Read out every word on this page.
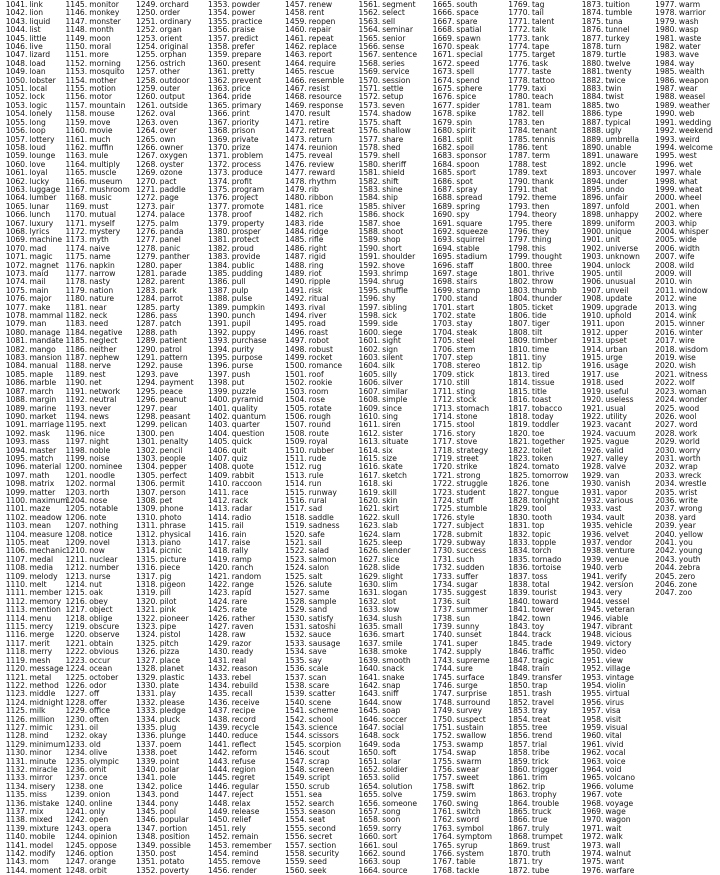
1041. link
1042. lion
1043. liquid
1044. list
1045. little
1046. live
1047. lizard
1048. load
1049. loan
1050. lobster
1051. local
1052. lock
1053. logic
1054. lonely
1055. long
1056. loop
1057. lottery
1058. loud
1059. lounge
1060. love
1061. loyal
1062. lucky
1063. luggage
1064. lumber
1065. lunar
1066. lunch
1067. luxury
1068. lyrics
1069. machine
1070. mad
1071. magic
1072. magnet
1073. maid
1074. mail
1075. main
1076. major
1077. make
1078. mammal
1079. man
1080. manage
1081. mandate
1082. mango
1083. mansion
1084. manual
1085. maple
1086. marble
1087. march
1088. margin
1089. marine
1090. market
1091. marriage
1092. mask
1093. mass
1094. master
1095. match
1096. material
1097. math
1098. matrix
1099. matter
1100. maximum
1101. maze
1102. meadow
1103. mean
1104. measure
1105. meat
1106. mechanic
1107. medal
1108. media
1109. melody
1110. melt
1111. member
1112. memory
1113. mention
1114. menu
1115. mercy
1116. merge
1117. merit
1118. merry
1119. mesh
1120. message
1121. metal
1122. method
1123. middle
1124. midnight
1125. milk
1126. million
1127. mimic
1128. mind
1129. minimum
1130. minor
1131. minute
1132. miracle
1133. mirror
1134. misery
1135. miss
1136. mistake
1137. mix
1138. mixed
1139. mixture
1140. mobile
1141. model
1142. modify
1143. mom
1144. moment
1145. monitor
1146. monkey
1147. monster
1148. month
1149. moon
1150. moral
1151. more
1152. morning
1153. mosquito
1154. mother
1155. motion
1156. motor
1157. mountain
1158. mouse
1159. move
1160. movie
1161. much
1162. muffin
1163. mule
1164. multiply
1165. muscle
1166. museum
1167. mushroom
1168. music
1169. must
1170. mutual
1171. myself
1172. mystery
1173. myth
1174. naive
1175. name
1176. napkin
1177. narrow
1178. nasty
1179. nation
1180. nature
1181. near
1182. neck
1183. need
1184. negative
1185. neglect
1186. neither
1187. nephew
1188. nerve
1189. nest
1190. net
1191. network
1192. neutral
1193. never
1194. news
1195. next
1196. nice
1197. night
1198. noble
1199. noise
1200. nominee
1201. noodle
1202. normal
1203. north
1204. nose
1205. notable
1206. note
1207. nothing
1208. notice
1209. novel
1210. now
1211. nuclear
1212. number
1213. nurse
1214. nut
1215. oak
1216. obey
1217. object
1218. oblige
1219. obscure
1220. observe
1221. obtain
1222. obvious
1223. occur
1224. ocean
1225. october
1226. odor
1227. off
1228. offer
1229. office
1230. often
1231. oil
1232. okay
1233. old
1234. olive
1235. olympic
1236. omit
1237. once
1238. one
1239. onion
1240. online
1241. only
1242. open
1243. opera
1244. opinion
1245. oppose
1246. option
1247. orange
1248. orbit
1249. orchard
1250. order
1251. ordinary
1252. organ
1253. orient
1254. original
1255. orphan
1256. ostrich
1257. other
1258. outdoor
1259. outer
1260. output
1261. outside
1262. oval
1263. oven
1264. over
1265. own
1266. owner
1267. oxygen
1268. oyster
1269. ozone
1270. pact
1271. paddle
1272. page
1273. pair
1274. palace
1275. palm
1276. panda
1277. panel
1278. panic
1279. panther
1280. paper
1281. parade
1282. parent
1283. park
1284. parrot
1285. party
1286. pass
1287. patch
1288. path
1289. patient
1290. patrol
1291. pattern
1292. pause
1293. pave
1294. payment
1295. peace
1296. peanut
1297. pear
1298. peasant
1299. pelican
1300. pen
1301. penalty
1302. pencil
1303. people
1304. pepper
1305. perfect
1306. permit
1307. person
1308. pet
1309. phone
1310. photo
1311. phrase
1312. physical
1313. piano
1314. picnic
1315. picture
1316. piece
1317. pig
1318. pigeon
1319. pill
1320. pilot
1321. pink
1322. pioneer
1323. pipe
1324. pistol
1325. pitch
1326. pizza
1327. place
1328. planet
1329. plastic
1330. plate
1331. play
1332. please
1333. pledge
1334. pluck
1335. plug
1336. plunge
1337. poem
1338. poet
1339. point
1340. polar
1341. pole
1342. police
1343. pond
1344. pony
1345. pool
1346. popular
1347. portion
1348. position
1349. possible
1350. post
1351. potato
1352. poverty
1353. powder
1354. power
1355. practice
1356. praise
1357. predict
1358. prefer
1359. prepare
1360. present
1361. pretty
1362. prevent
1363. price
1364. pride
1365. primary
1366. print
1367. priority
1368. prison
1369. private
1370. prize
1371. problem
1372. process
1373. produce
1374. profit
1375. program
1376. project
1377. promote
1378. proof
1379. property
1380. prosper
1381. protect
1382. proud
1383. provide
1384. public
1385. pudding
1386. pull
1387. pulp
1388. pulse
1389. pumpkin
1390. punch
1391. pupil
1392. puppy
1393. purchase
1394. purity
1395. purpose
1396. purse
1397. push
1398. put
1399. puzzle
1400. pyramid
1401. quality
1402. quantum
1403. quarter
1404. question
1405. quick
1406. quit
1407. quiz
1408. quote
1409. rabbit
1410. raccoon
1411. race
1412. rack
1413. radar
1414. radio
1415. rail
1416. rain
1417. raise
1418. rally
1419. ramp
1420. ranch
1421. random
1422. range
1423. rapid
1424. rare
1425. rate
1426. rather
1427. raven
1428. raw
1429. razor
1430. ready
1431. real
1432. reason
1433. rebel
1434. rebuild
1435. recall
1436. receive
1437. recipe
1438. record
1439. recycle
1440. reduce
1441. reflect
1442. reform
1443. refuse
1444. region
1445. regret
1446. regular
1447. reject
1448. relax
1449. release
1450. relief
1451. rely
1452. remain
1453. remember
1454. remind
1455. remove
1456. render
1457. renew
1458. rent
1459. reopen
1460. repair
1461. repeat
1462. replace
1463. report
1464. require
1465. rescue
1466. resemble
1467. resist
1468. resource
1469. response
1470. result
1471. retire
1472. retreat
1473. return
1474. reunion
1475. reveal
1476. review
1477. reward
1478. rhythm
1479. rib
1480. ribbon
1481. rice
1482. rich
1483. ride
1484. ridge
1485. rifle
1486. right
1487. rigid
1488. ring
1489. riot
1490. ripple
1491. risk
1492. ritual
1493. rival
1494. river
1495. road
1496. roast
1497. robot
1498. robust
1499. rocket
1500. romance
1501. roof
1502. rookie
1503. room
1504. rose
1505. rotate
1506. rough
1507. round
1508. route
1509. royal
1510. rubber
1511. rude
1512. rug
1513. rule
1514. run
1515. runway
1516. rural
1517. sad
1518. saddle
1519. sadness
1520. safe
1521. sail
1522. salad
1523. salmon
1524. salon
1525. salt
1526. salute
1527. same
1528. sample
1529. sand
1530. satisfy
1531. satoshi
1532. sauce
1533. sausage
1534. save
1535. say
1536. scale
1537. scan
1538. scare
1539. scatter
1540. scene
1541. scheme
1542. school
1543. science
1544. scissors
1545. scorpion
1546. scout
1547. scrap
1548. screen
1549. script
1550. scrub
1551. sea
1552. search
1553. season
1554. seat
1555. second
1556. secret
1557. section
1558. security
1559. seed
1560. seek
1561. segment
1562. select
1563. sell
1564. seminar
1565. senior
1566. sense
1567. sentence
1568. series
1569. service
1570. session
1571. settle
1572. setup
1573. seven
1574. shadow
1575. shaft
1576. shallow
1577. share
1578. shed
1579. shell
1580. sheriff
1581. shield
1582. shift
1583. shine
1584. ship
1585. shiver
1586. shock
1587. shoe
1588. shoot
1589. shop
1590. short
1591. shoulder
1592. shove
1593. shrimp
1594. shrug
1595. shuffle
1596. shy
1597. sibling
1598. sick
1599. side
1600. siege
1601. sight
1602. sign
1603. silent
1604. silk
1605. silly
1606. silver
1607. similar
1608. simple
1609. since
1610. sing
1611. siren
1612. sister
1613. situate
1614. six
1615. size
1616. skate
1617. sketch
1618. ski
1619. skill
1620. skin
1621. skirt
1622. skull
1623. slab
1624. slam
1625. sleep
1626. slender
1627. slice
1628. slide
1629. slight
1630. slim
1631. slogan
1632. slot
1633. slow
1634. slush
1635. small
1636. smart
1637. smile
1638. smoke
1639. smooth
1640. snack
1641. snake
1642. snap
1643. sniff
1644. snow
1645. soap
1646. soccer
1647. social
1648. sock
1649. soda
1650. soft
1651. solar
1652. soldier
1653. solid
1654. solution
1655. solve
1656. someone
1657. song
1658. soon
1659. sorry
1660. sort
1661. soul
1662. sound
1663. soup
1664. source
1665. south
1666. space
1667. spare
1668. spatial
1669. spawn
1670. speak
1671. special
1672. speed
1673. spell
1674. spend
1675. sphere
1676. spice
1677. spider
1678. spike
1679. spin
1680. spirit
1681. split
1682. spoil
1683. sponsor
1684. spoon
1685. sport
1686. spot
1687. spray
1688. spread
1689. spring
1690. spy
1691. square
1692. squeeze
1693. squirrel
1694. stable
1695. stadium
1696. staff
1697. stage
1698. stairs
1699. stamp
1700. stand
1701. start
1702. state
1703. stay
1704. steak
1705. steel
1706. stem
1707. step
1708. stereo
1709. stick
1710. still
1711. sting
1712. stock
1713. stomach
1714. stone
1715. stool
1716. story
1717. stove
1718. strategy
1719. street
1720. strike
1721. strong
1722. struggle
1723. student
1724. stuff
1725. stumble
1726. style
1727. subject
1728. submit
1729. subway
1730. success
1731. such
1732. sudden
1733. suffer
1734. sugar
1735. suggest
1736. suit
1737. summer
1738. sun
1739. sunny
1740. sunset
1741. super
1742. supply
1743. supreme
1744. sure
1745. surface
1746. surge
1747. surprise
1748. surround
1749. survey
1750. suspect
1751. sustain
1752. swallow
1753. swamp
1754. swap
1755. swarm
1756. swear
1757. sweet
1758. swift
1759. swim
1760. swing
1761. switch
1762. sword
1763. symbol
1764. symptom
1765. syrup
1766. system
1767. table
1768. tackle
1769. tag
1770. tail
1771. talent
1772. talk
1773. tank
1774. tape
1775. target
1776. task
1777. taste
1778. tattoo
1779. taxi
1780. teach
1781. team
1782. tell
1783. ten
1784. tenant
1785. tennis
1786. tent
1787. term
1788. test
1789. text
1790. thank
1791. that
1792. theme
1793. then
1794. theory
1795. there
1796. they
1797. thing
1798. this
1799. thought
1800. three
1801. thrive
1802. throw
1803. thumb
1804. thunder
1805. ticket
1806. tide
1807. tiger
1808. tilt
1809. timber
1810. time
1811. tiny
1812. tip
1813. tired
1814. tissue
1815. title
1816. toast
1817. tobacco
1818. today
1819. toddler
1820. toe
1821. together
1822. toilet
1823. token
1824. tomato
1825. tomorrow
1826. tone
1827. tongue
1828. tonight
1829. tool
1830. tooth
1831. top
1832. topic
1833. topple
1834. torch
1835. tornado
1836. tortoise
1837. toss
1838. total
1839. tourist
1840. toward
1841. tower
1842. town
1843. toy
1844. track
1845. trade
1846. traffic
1847. tragic
1848. train
1849. transfer
1850. trap
1851. trash
1852. travel
1853. tray
1854. treat
1855. tree
1856. trend
1857. trial
1858. tribe
1859. trick
1860. trigger
1861. trim
1862. trip
1863. trophy
1864. trouble
1865. truck
1866. true
1867. truly
1868. trumpet
1869. trust
1870. truth
1871. try
1872. tube
1873. tuition
1874. tumble
1875. tuna
1876. tunnel
1877. turkey
1878. turn
1879. turtle
1880. twelve
1881. twenty
1882. twice
1883. twin
1884. twist
1885. two
1886. type
1887. typical
1888. ugly
1889. umbrella
1890. unable
1891. unaware
1892. uncle
1893. uncover
1894. under
1895. undo
1896. unfair
1897. unfold
1898. unhappy
1899. uniform
1900. unique
1901. unit
1902. universe
1903. unknown
1904. unlock
1905. until
1906. unusual
1907. unveil
1908. update
1909. upgrade
1910. uphold
1911. upon
1912. upper
1913. upset
1914. urban
1915. urge
1916. usage
1917. use
1918. used
1919. useful
1920. useless
1921. usual
1922. utility
1923. vacant
1924. vacuum
1925. vague
1926. valid
1927. valley
1928. valve
1929. van
1930. vanish
1931. vapor
1932. various
1933. vast
1934. vault
1935. vehicle
1936. velvet
1937. vendor
1938. venture
1939. venue
1940. verb
1941. verify
1942. version
1943. very
1944. vessel
1945. veteran
1946. viable
1947. vibrant
1948. vicious
1949. victory
1950. video
1951. view
1952. village
1953. vintage
1954. violin
1955. virtual
1956. virus
1957. visa
1958. visit
1959. visual
1960. vital
1961. vivid
1962. vocal
1963. voice
1964. void
1965. volcano
1966. volume
1967. vote
1968. voyage
1969. wage
1970. wagon
1971. wait
1972. walk
1973. wall
1974. walnut
1975. want
1976. warfare
1977. warm
1978. warrior
1979. wash
1980. wasp
1981. waste
1982. water
1983. wave
1984. way
1985. wealth
1986. weapon
1987. wear
1988. weasel
1989. weather
1990. web
1991. wedding
1992. weekend
1993. weird
1994. welcome
1995. west
1996. wet
1997. whale
1998. what
1999. wheat
2000. wheel
2001. when
2002. where
2003. whip
2004. whisper
2005. wide
2006. width
2007. wife
2008. wild
2009. will
2010. win
2011. window
2012. wine
2013. wing
2014. wink
2015. winner
2016. winter
2017. wire
2018. wisdom
2019. wise
2020. wish
2021. witness
2022. wolf
2023. woman
2024. wonder
2025. wood
2026. wool
2027. word
2028. work
2029. world
2030. worry
2031. worth
2032. wrap
2033. wreck
2034. wrestle
2035. wrist
2036. write
2037. wrong
2038. yard
2039. year
2040. yellow
2041. you
2042. young
2043. youth
2044. zebra
2045. zero
2046. zone
2047. zoo
